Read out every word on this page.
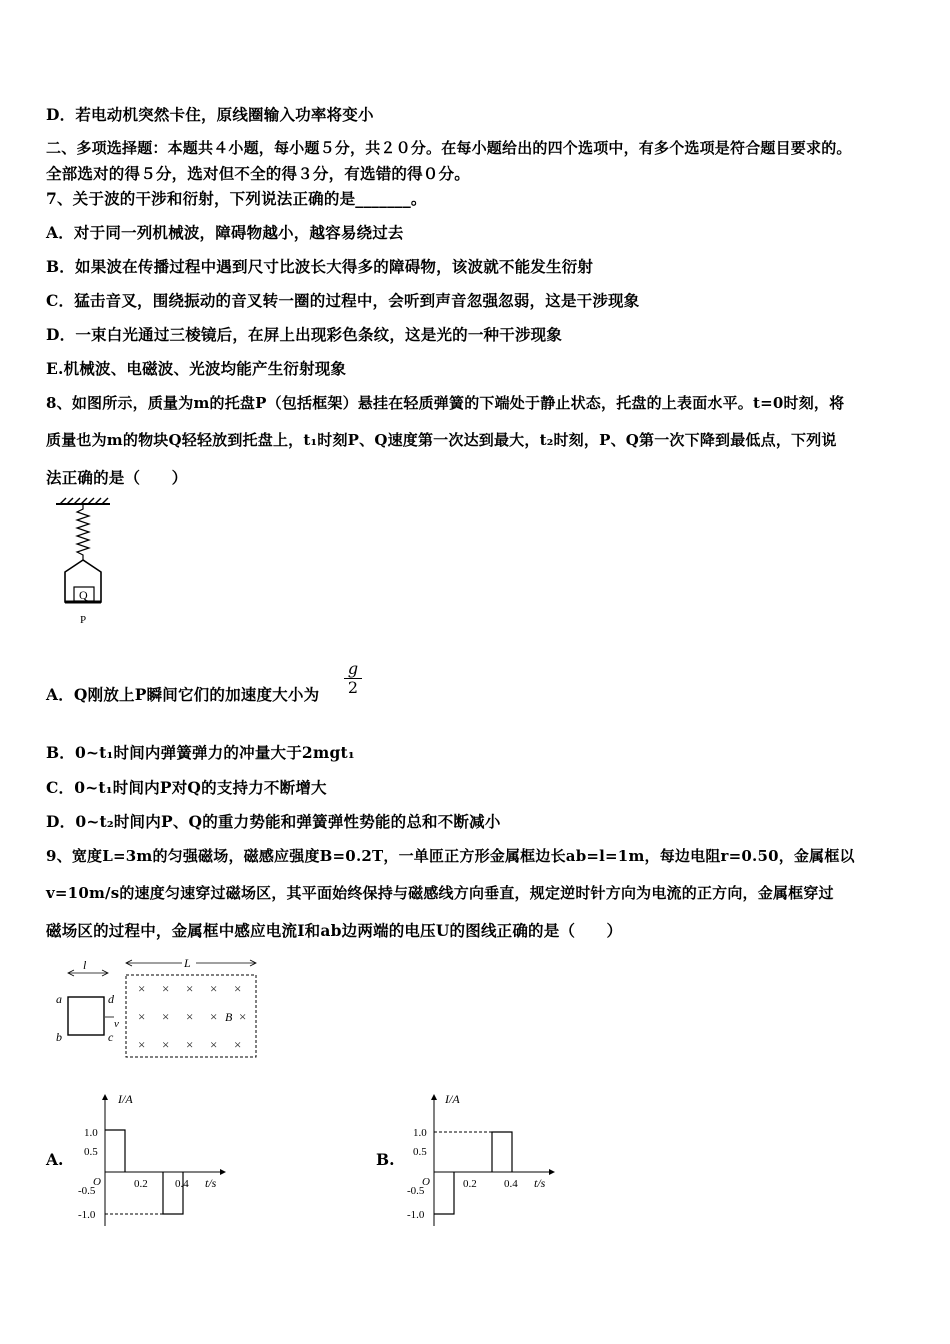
D．若电动机突然卡住，原线圈输入功率将变小
二、多项选择题：本题共４小题，每小题５分，共２０分。在每小题给出的四个选项中，有多个选项是符合题目要求的。
全部选对的得５分，选对但不全的得３分，有选错的得０分。
7、关于波的干涉和衍射，下列说法正确的是_______。
A．对于同一列机械波，障碍物越小，越容易绕过去
B．如果波在传播过程中遇到尺寸比波长大得多的障碍物，该波就不能发生衍射
C．猛击音叉，围绕振动的音叉转一圈的过程中，会听到声音忽强忽弱，这是干涉现象
D．一束白光通过三棱镜后，在屏上出现彩色条纹，这是光的一种干涉现象
E.机械波、电磁波、光波均能产生衍射现象
8、如图所示，质量为m的托盘P（包括框架）悬挂在轻质弹簧的下端处于静止状态，托盘的上表面水平。t=0时刻，将
质量也为m的物块Q轻轻放到托盘上，t₁时刻P、Q速度第一次达到最大，t₂时刻，P、Q第一次下降到最低点，下列说
法正确的是（　　）
Q
P
A．Q刚放上P瞬间它们的加速度大小为 $\frac{g}{2}$
B．0~t₁时间内弹簧弹力的冲量大于2mgt₁
C．0~t₁时间内P对Q的支持力不断增大
D．0~t₂时间内P、Q的重力势能和弹簧弹性势能的总和不断减小
9、宽度L=3m的匀强磁场，磁感应强度B=0.2T，一单匝正方形金属框边长ab=l=1m，每边电阻r=0.50，金属框以
v=10m/s的速度匀速穿过磁场区，其平面始终保持与磁感线方向垂直，规定逆时针方向为电流的正方向，金属框穿过
磁场区的过程中，金属框中感应电流I和ab边两端的电压U的图线正确的是（　　）
l
a
b	c
d
v
L
× × × × ×
× × × × ×
× × × × ×
B
A.
I/A
t/s
O
1.0
0.5
-0.5
-1.0
0.2 0.4
B.
I/A
t/s
O
1.0
0.5
-0.5
-1.0
0.2 0.4
